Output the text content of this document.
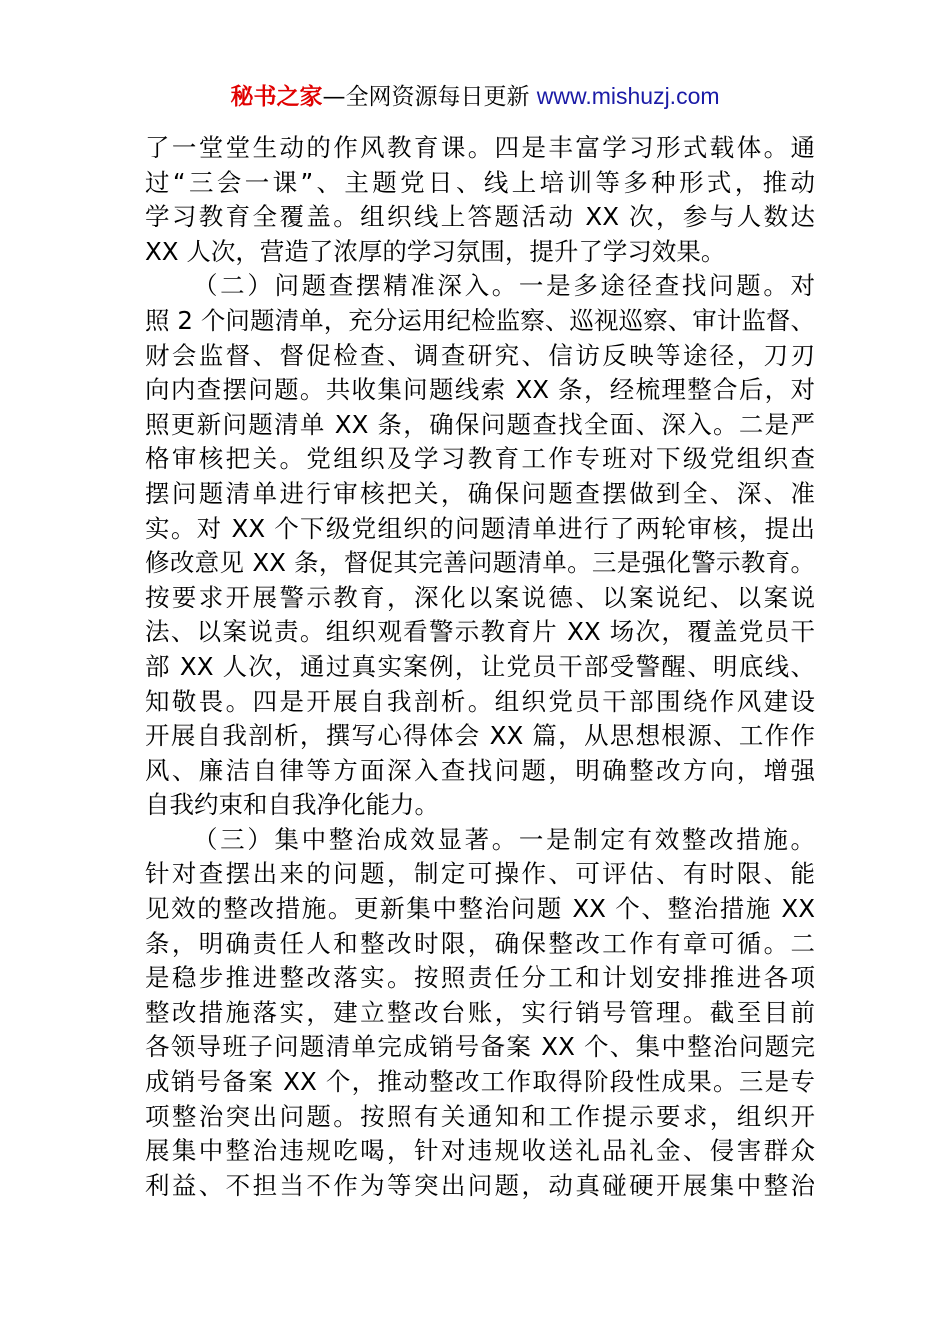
秘书之家—全网资源每日更新 www.mishuzj.com
了一堂堂生动的作风教育课。四是丰富学习形式载体。通
过“三会一课”、主题党日、线上培训等多种形式，推动
学习教育全覆盖。组织线上答题活动 XX 次，参与人数达
XX 人次，营造了浓厚的学习氛围，提升了学习效果。
（二）问题查摆精准深入。一是多途径查找问题。对
照 2 个问题清单，充分运用纪检监察、巡视巡察、审计监督、
财会监督、督促检查、调查研究、信访反映等途径，刀刃
向内查摆问题。共收集问题线索 XX 条，经梳理整合后，对
照更新问题清单 XX 条，确保问题查找全面、深入。二是严
格审核把关。党组织及学习教育工作专班对下级党组织查
摆问题清单进行审核把关，确保问题查摆做到全、深、准
实。对 XX 个下级党组织的问题清单进行了两轮审核，提出
修改意见 XX 条，督促其完善问题清单。三是强化警示教育。
按要求开展警示教育，深化以案说德、以案说纪、以案说
法、以案说责。组织观看警示教育片 XX 场次，覆盖党员干
部 XX 人次，通过真实案例，让党员干部受警醒、明底线、
知敬畏。四是开展自我剖析。组织党员干部围绕作风建设
开展自我剖析，撰写心得体会 XX 篇，从思想根源、工作作
风、廉洁自律等方面深入查找问题，明确整改方向，增强
自我约束和自我净化能力。
（三）集中整治成效显著。一是制定有效整改措施。
针对查摆出来的问题，制定可操作、可评估、有时限、能
见效的整改措施。更新集中整治问题 XX 个、整治措施 XX
条，明确责任人和整改时限，确保整改工作有章可循。二
是稳步推进整改落实。按照责任分工和计划安排推进各项
整改措施落实，建立整改台账，实行销号管理。截至目前
各领导班子问题清单完成销号备案 XX 个、集中整治问题完
成销号备案 XX 个，推动整改工作取得阶段性成果。三是专
项整治突出问题。按照有关通知和工作提示要求，组织开
展集中整治违规吃喝，针对违规收送礼品礼金、侵害群众
利益、不担当不作为等突出问题，动真碰硬开展集中整治
